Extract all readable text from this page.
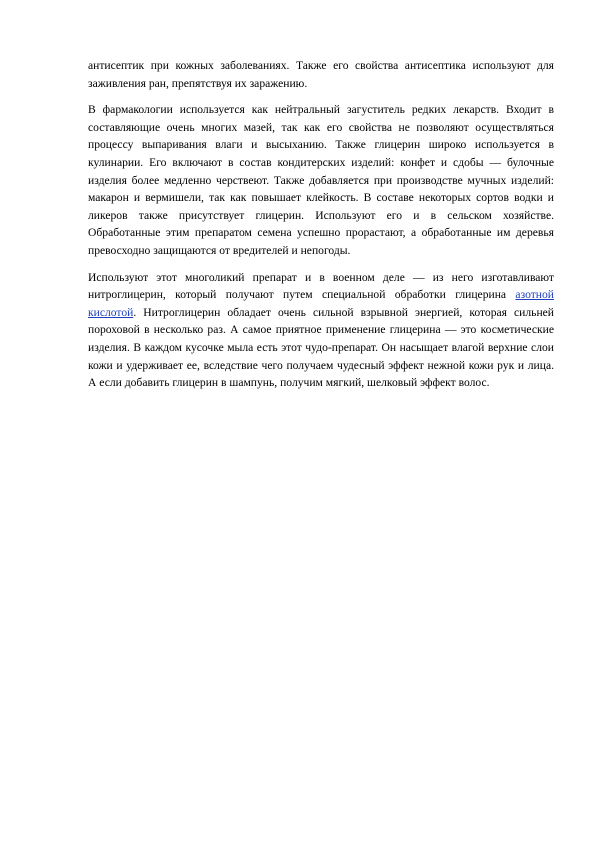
антисептик при кожных заболеваниях. Также его свойства антисептика используют для заживления ран, препятствуя их заражению.

В фармакологии используется как нейтральный загуститель редких лекарств. Входит в составляющие очень многих мазей, так как его свойства не позволяют осуществляться процессу выпаривания влаги и высыханию. Также глицерин широко используется в кулинарии. Его включают в состав кондитерских изделий: конфет и сдобы — булочные изделия более медленно черствеют. Также добавляется при производстве мучных изделий: макарон и вермишели, так как повышает клейкость. В составе некоторых сортов водки и ликеров также присутствует глицерин. Используют его и в сельском хозяйстве. Обработанные этим препаратом семена успешно прорастают, а обработанные им деревья превосходно защищаются от вредителей и непогоды.

Используют этот многоликий препарат и в военном деле — из него изготавливают нитроглицерин, который получают путем специальной обработки глицерина азотной кислотой. Нитроглицерин обладает очень сильной взрывной энергией, которая сильней пороховой в несколько раз. А самое приятное применение глицерина — это косметические изделия. В каждом кусочке мыла есть этот чудо-препарат. Он насыщает влагой верхние слои кожи и удерживает ее, вследствие чего получаем чудесный эффект нежной кожи рук и лица. А если добавить глицерин в шампунь, получим мягкий, шелковый эффект волос.
